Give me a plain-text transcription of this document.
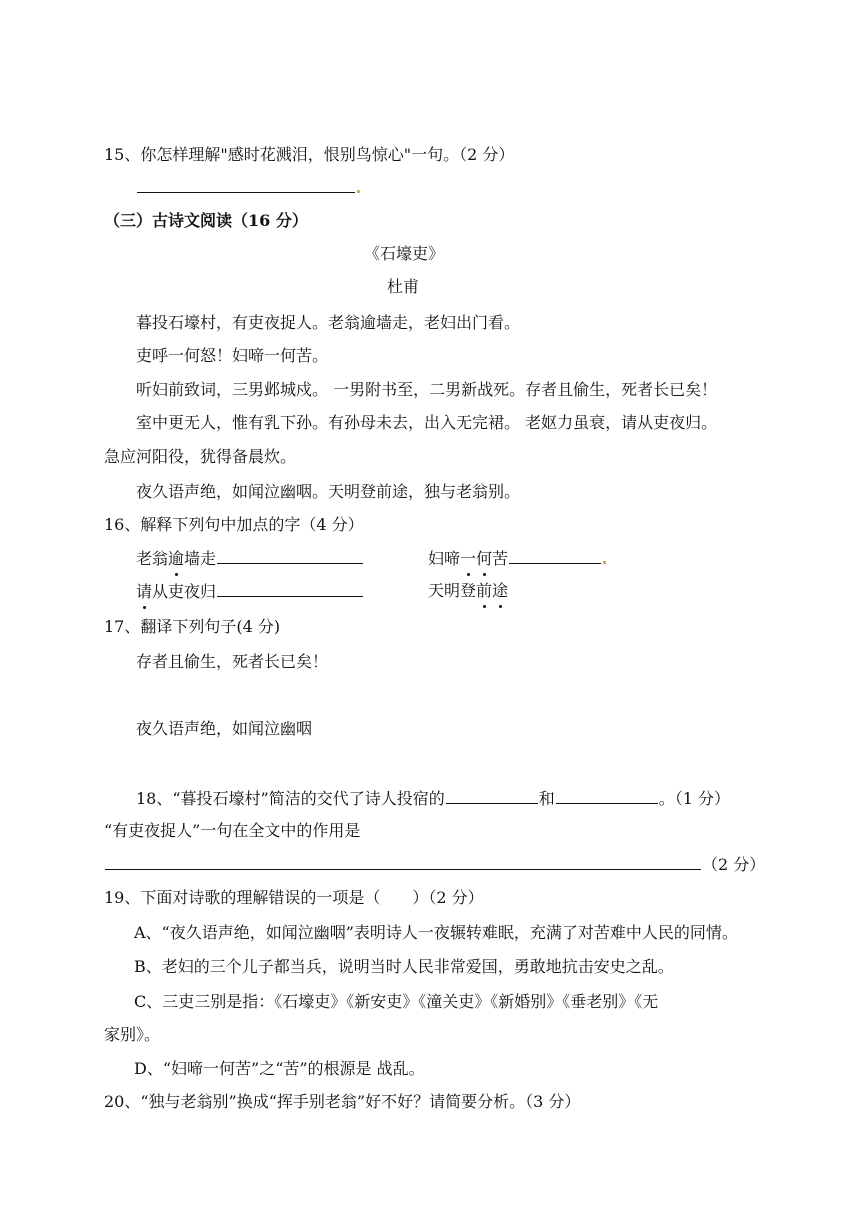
15、你怎样理解"感时花溅泪，恨别鸟惊心"一句。（2 分）
（三）古诗文阅读（16 分）
《石壕吏》
杜甫
暮投石壕村，有吏夜捉人。老翁逾墙走，老妇出门看。
吏呼一何怒！妇啼一何苦。
听妇前致词，三男邺城戍。 一男附书至，二男新战死。存者且偷生，死者长已矣！
室中更无人，惟有乳下孙。有孙母未去，出入无完裙。 老妪力虽衰，请从吏夜归。
急应河阳役，犹得备晨炊。
夜久语声绝，如闻泣幽咽。天明登前途，独与老翁别。
16、解释下列句中加点的字（4 分）
老翁逾墙走	妇啼一何苦
请从吏夜归	天明登前途
17、翻译下列句子(4 分)
存者且偷生，死者长已矣！
夜久语声绝，如闻泣幽咽
18、“暮投石壕村”简洁的交代了诗人投宿的	和	。（1 分）
“有吏夜捉人”一句在全文中的作用是
（2 分）
19、下面对诗歌的理解错误的一项是（　　）（2 分）
A、“夜久语声绝，如闻泣幽咽”表明诗人一夜辗转难眠，充满了对苦难中人民的同情。
B、老妇的三个儿子都当兵，说明当时人民非常爱国，勇敢地抗击安史之乱。
C、三吏三别是指：《石壕吏》《新安吏》《潼关吏》《新婚别》《垂老别》《无
家别》。
D、“妇啼一何苦”之“苦”的根源是 战乱。
20、“独与老翁别”换成“挥手别老翁”好不好？请简要分析。（3 分）
